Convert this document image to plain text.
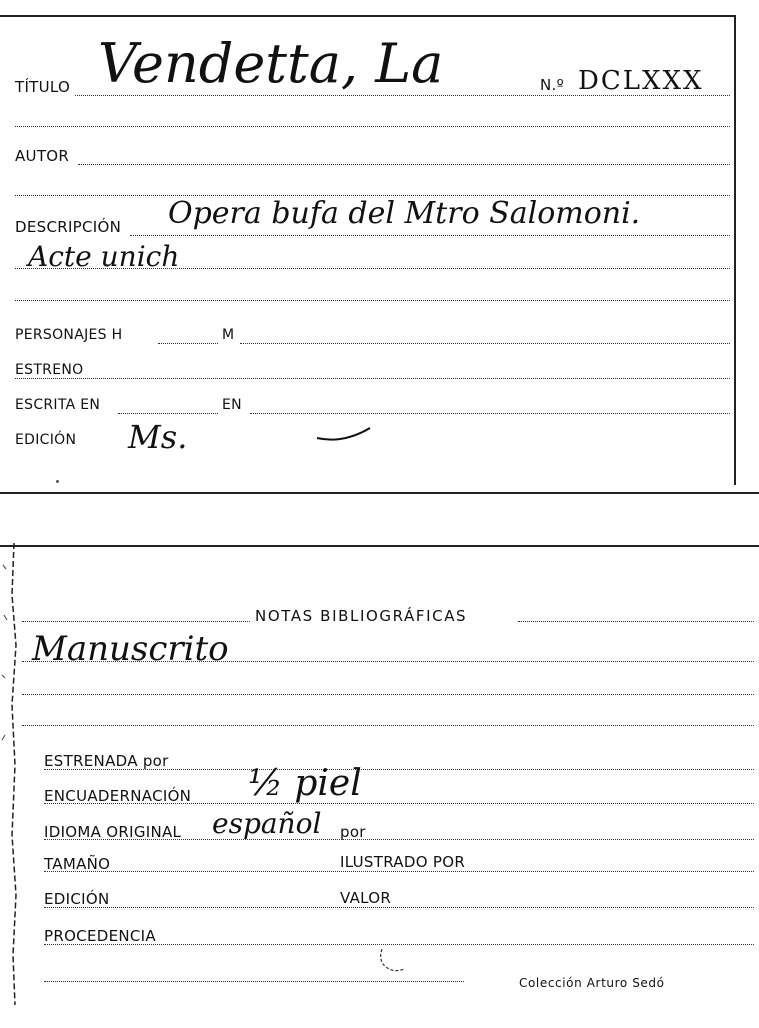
TÍTULO Vendetta, La	N.º DCLXXX
AUTOR
DESCRIPCIÓN Opera bufa del Mtro Salomoni.
Acte unich
PERSONAJES H	M
ESTRENO
ESCRITA EN	EN
EDICIÓN Ms.
NOTAS BIBLIOGRÁFICAS
Manuscrito
ESTRENADA por
ENCUADERNACIÓN ½ piel
IDIOMA ORIGINAL español por
TAMAÑO	ILUSTRADO POR
EDICIÓN	VALOR
PROCEDENCIA
Colección Arturo Sedó
